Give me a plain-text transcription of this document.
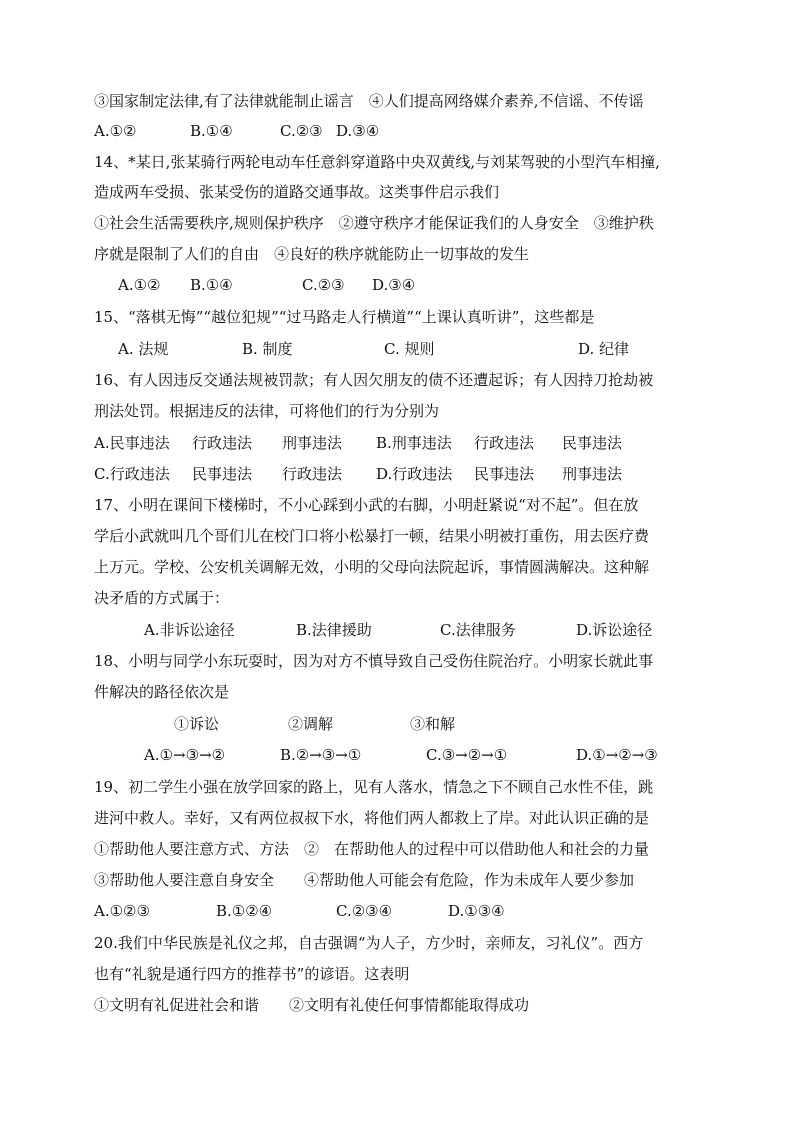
③国家制定法律,有了法律就能制止谣言　④人们提高网络媒介素养,不信谣、不传谣
A.①②	B.①④	C.②③ D.③④
14、*某日,张某骑行两轮电动车任意斜穿道路中央双黄线,与刘某驾驶的小型汽车相撞,
造成两车受损、张某受伤的道路交通事故。这类事件启示我们
①社会生活需要秩序,规则保护秩序　②遵守秩序才能保证我们的人身安全　③维护秩
序就是限制了人们的自由　④良好的秩序就能防止一切事故的发生
A.①② B.①④	C.②③ D.③④
15、“落棋无悔”“越位犯规”“过马路走人行横道”“上课认真听讲”，这些都是
A. 法规	B. 制度	C. 规则	D. 纪律
16、有人因违反交通法规被罚款；有人因欠朋友的债不还遭起诉；有人因持刀抢劫被
刑法处罚。根据违反的法律，可将他们的行为分别为
A.民事违法 行政违法 刑事违法 B.刑事违法 行政违法 民事违法
C.行政违法 民事违法 行政违法 D.行政违法 民事违法 刑事违法
17、小明在课间下楼梯时，不小心踩到小武的右脚，小明赶紧说“对不起”。但在放
学后小武就叫几个哥们儿在校门口将小松暴打一顿，结果小明被打重伤，用去医疗费
上万元。学校、公安机关调解无效，小明的父母向法院起诉，事情圆满解决。这种解
决矛盾的方式属于：
A.非诉讼途径	B.法律援助	C.法律服务	D.诉讼途径
18、小明与同学小东玩耍时，因为对方不慎导致自己受伤住院治疗。小明家长就此事
件解决的路径依次是
①诉讼	②调解	③和解
A.①→③→②	B.②→③→①	C.③→②→①	D.①→②→③
19、初二学生小强在放学回家的路上，见有人落水，情急之下不顾自己水性不佳，跳
进河中救人。幸好，又有两位叔叔下水，将他们两人都救上了岸。对此认识正确的是
①帮助他人要注意方式、方法　②　在帮助他人的过程中可以借助他人和社会的力量
③帮助他人要注意自身安全　　④帮助他人可能会有危险，作为未成年人要少参加
A.①②③	B.①②④	C.②③④	D.①③④
20.我们中华民族是礼仪之邦，自古强调“为人子，方少时，亲师友，习礼仪”。西方
也有“礼貌是通行四方的推荐书”的谚语。这表明
①文明有礼促进社会和谐　　②文明有礼使任何事情都能取得成功
